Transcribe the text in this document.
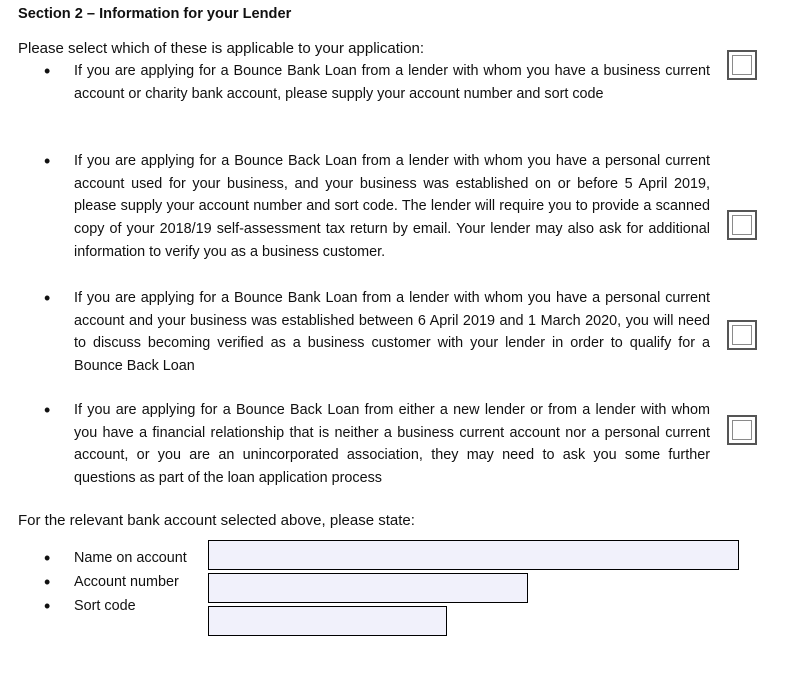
Section 2 – Information for your Lender
Please select which of these is applicable to your application:
• If you are applying for a Bounce Bank Loan from a lender with whom you have a business current account or charity bank account, please supply your account number and sort code
• If you are applying for a Bounce Back Loan from a lender with whom you have a personal current account used for your business, and your business was established on or before 5 April 2019, please supply your account number and sort code. The lender will require you to provide a scanned copy of your 2018/19 self-assessment tax return by email. Your lender may also ask for additional information to verify you as a business customer.
• If you are applying for a Bounce Bank Loan from a lender with whom you have a personal current account and your business was established between 6 April 2019 and 1 March 2020, you will need to discuss becoming verified as a business customer with your lender in order to qualify for a Bounce Back Loan
• If you are applying for a Bounce Back Loan from either a new lender or from a lender with whom you have a financial relationship that is neither a business current account nor a personal current account, or you are an unincorporated association, they may need to ask you some further questions as part of the loan application process
For the relevant bank account selected above, please state:
• Name on account
• Account number
• Sort code
